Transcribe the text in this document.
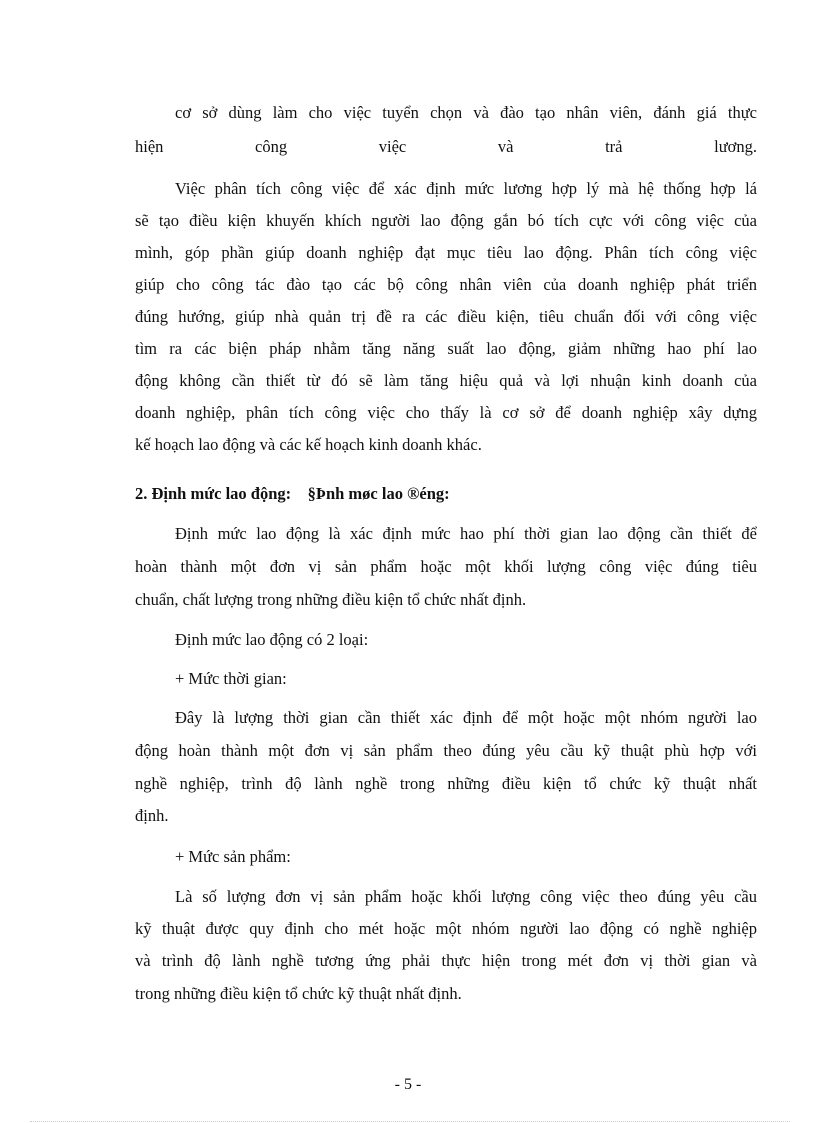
cơ sở dùng làm cho việc tuyển chọn và đào tạo nhân viên, đánh giá thực
hiện công việc và trả lương.
Việc phân tích công việc để xác định mức lương hợp lý mà hệ thống hợp lá
sẽ tạo điều kiện khuyến khích người lao động gắn bó tích cực với công việc của
mình, góp phần giúp doanh nghiệp đạt mục tiêu lao động. Phân tích công việc
giúp cho công tác đào tạo các bộ công nhân viên của doanh nghiệp phát triển
đúng hướng, giúp nhà quản trị đề ra các điều kiện, tiêu chuẩn đối với công việc
tìm ra các biện pháp nhằm tăng năng suất lao động, giảm những hao phí lao
động không cần thiết từ đó sẽ làm tăng hiệu quả và lợi nhuận kinh doanh của
doanh nghiệp, phân tích công việc cho thấy là cơ sở để doanh nghiệp xây dựng
kế hoạch lao động và các kế hoạch kinh doanh khác.
2. Định mức lao động:    §Þnh møc lao ®éng:
Định mức lao động là xác định mức hao phí thời gian lao động cần thiết để
hoàn thành một đơn vị sản phẩm hoặc một khối lượng công việc đúng tiêu
chuẩn, chất lượng trong những điều kiện tổ chức nhất định.
Định mức lao động có 2 loại:
+ Mức thời gian:
Đây là lượng thời gian cần thiết xác định để một hoặc một nhóm người lao
động hoàn thành một đơn vị sản phẩm theo đúng yêu cầu kỹ thuật phù hợp với
nghề nghiệp, trình độ lành nghề trong những điều kiện tổ chức kỹ thuật nhất
định.
+ Mức sản phẩm:
Là số lượng đơn vị sản phẩm hoặc khối lượng công việc theo đúng yêu cầu
kỹ thuật được quy định cho mét hoặc một nhóm người lao động có nghề nghiệp
và trình độ lành nghề tương ứng phải thực hiện trong mét đơn vị thời gian và
trong những điều kiện tổ chức kỹ thuật nhất định.
- 5 -
